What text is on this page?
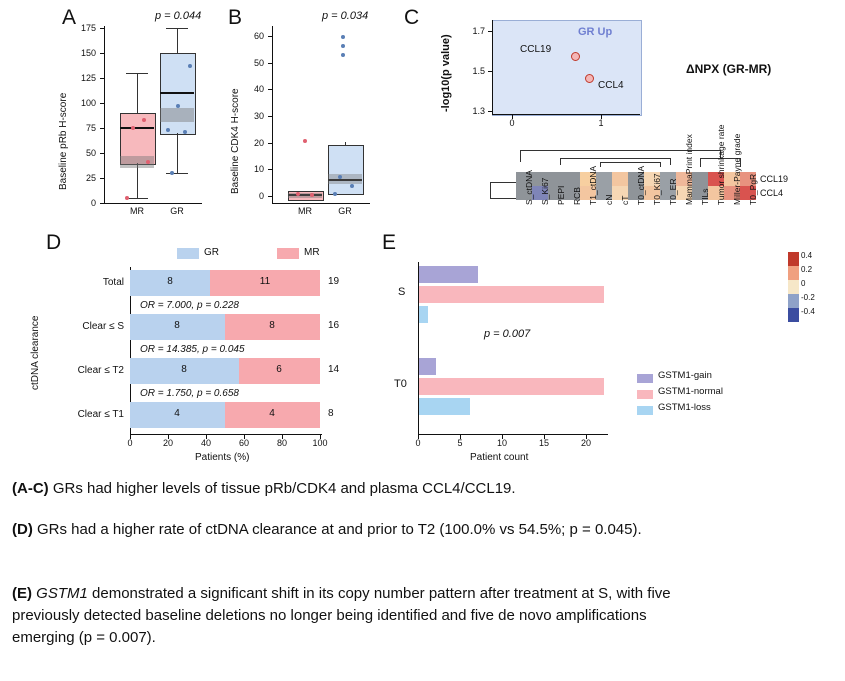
A	p = 0.044
0
25
50
75
100
125
150
175
Baseline pRb H-score
MR	GR
B	p = 0.034
0
10
20
30
40
50
60
Baseline CDK4 H-score
MR	GR
C
1.3
1.5
1.7
0	1
-log10(p value)
GR Up
CCL19
CCL4
ΔNPX (GR-MR)
CCL19
CCL4
S_ctDNA S_Ki67 PEPI RCB T1_ctDNA cN cT T0_ctDNA T0_Ki67 T0_ER MammaPrint index TILs Tumor shrinkage rate Miller-Payne grade T0_PgR
0.4
0.2
0
-0.2
-0.4
D	GR	MR
Total	8	11	19
OR = 7.000, p = 0.228
Clear ≤ S	8	8	16
OR = 14.385, p = 0.045
Clear ≤ T2	8	6	14
OR = 1.750, p = 0.658
Clear ≤ T1	4	4	8
0	20	40	60	80	100
Patients (%)
ctDNA clearance
E
0	5	10	15	20
Patient count
S
T0
p = 0.007
GSTM1-gain
GSTM1-normal
GSTM1-loss
(A-C) GRs had higher levels of tissue pRb/CDK4 and plasma CCL4/CCL19.
(D) GRs had a higher rate of ctDNA clearance at and prior to T2 (100.0% vs 54.5%; p = 0.045).
(E) GSTM1 demonstrated a significant shift in its copy number pattern after treatment at S, with five previously detected baseline deletions no longer being identified and five de novo amplifications emerging (p = 0.007).
